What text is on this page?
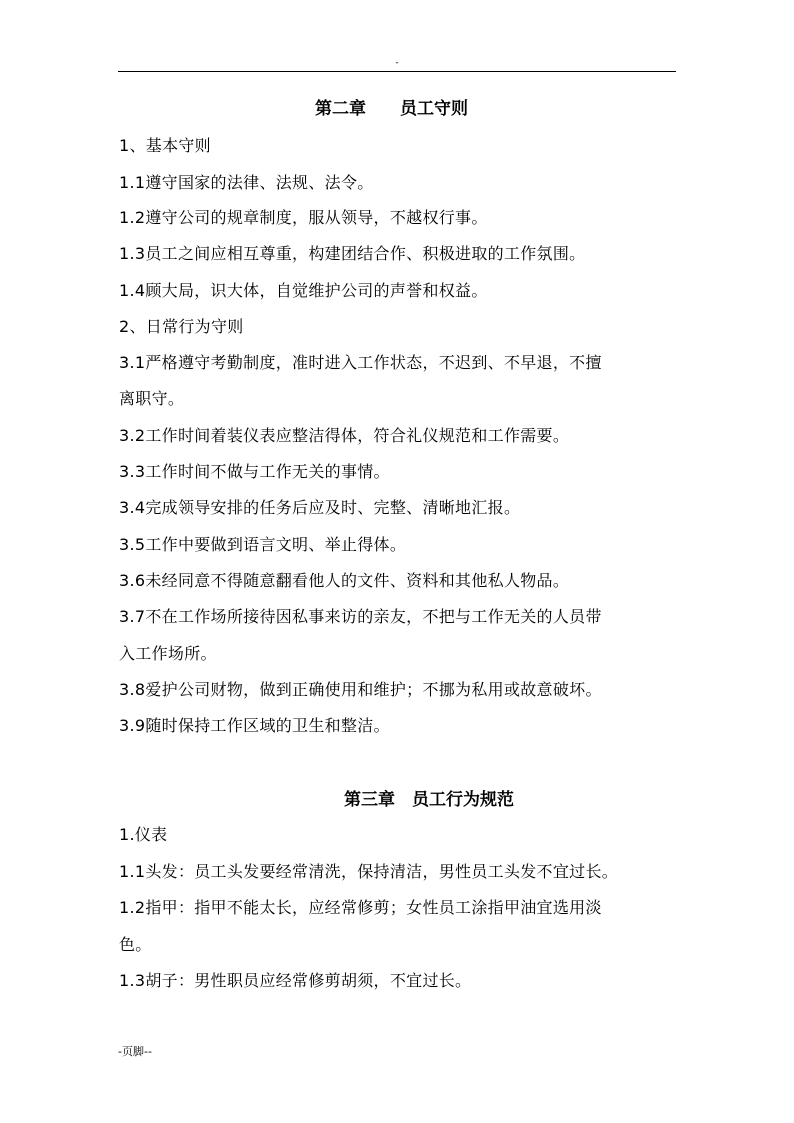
-
第二章　　员工守则
1、基本守则
1.1遵守国家的法律、法规、法令。
1.2遵守公司的规章制度，服从领导，不越权行事。
1.3员工之间应相互尊重，构建团结合作、积极进取的工作氛围。
1.4顾大局，识大体，自觉维护公司的声誉和权益。
2、日常行为守则
3.1严格遵守考勤制度，准时进入工作状态，不迟到、不早退，不擅
离职守。
3.2工作时间着装仪表应整洁得体，符合礼仪规范和工作需要。
3.3工作时间不做与工作无关的事情。
3.4完成领导安排的任务后应及时、完整、清晰地汇报。
3.5工作中要做到语言文明、举止得体。
3.6未经同意不得随意翻看他人的文件、资料和其他私人物品。
3.7不在工作场所接待因私事来访的亲友，不把与工作无关的人员带
入工作场所。
3.8爱护公司财物，做到正确使用和维护；不挪为私用或故意破坏。
3.9随时保持工作区域的卫生和整洁。
第三章　员工行为规范
1.仪表
1.1头发：员工头发要经常清洗，保持清洁，男性员工头发不宜过长。
1.2指甲：指甲不能太长，应经常修剪；女性员工涂指甲油宜选用淡
色。
1.3胡子：男性职员应经常修剪胡须，不宜过长。
-页脚--
